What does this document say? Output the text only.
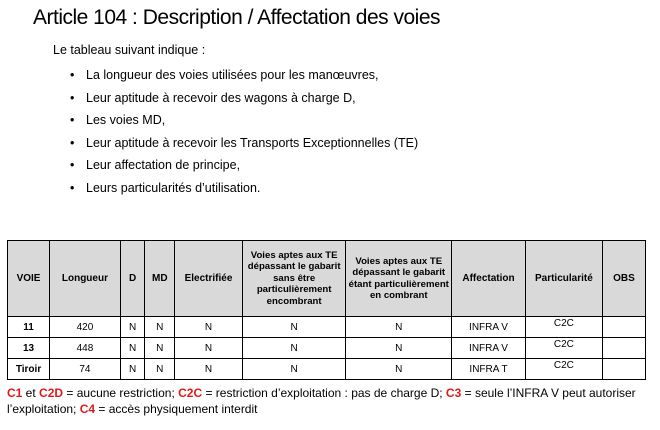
Article 104 : Description / Affectation des voies
Le tableau suivant indique :
• La longueur des voies utilisées pour les manœuvres,
• Leur aptitude à recevoir des wagons à charge D,
• Les voies MD,
• Leur aptitude à recevoir les Transports Exceptionnelles (TE)
• Leur affectation de principe,
• Leurs particularités d’utilisation.
VOIE	Longueur	D	MD	Electrifiée	Voies aptes aux TE dépassant le gabarit sans être particulièrement encombrant	Voies aptes aux TE dépassant le gabarit étant particulièrement en combrant	Affectation	Particularité	OBS
11	420	N	N	N	N	N	INFRA V	C2C	
13	448	N	N	N	N	N	INFRA V	C2C	
Tiroir	74	N	N	N	N	N	INFRA T	C2C	
C1 et C2D = aucune restriction; C2C = restriction d’exploitation : pas de charge D; C3 = seule l’INFRA V peut autoriser l’exploitation; C4 = accès physiquement interdit
